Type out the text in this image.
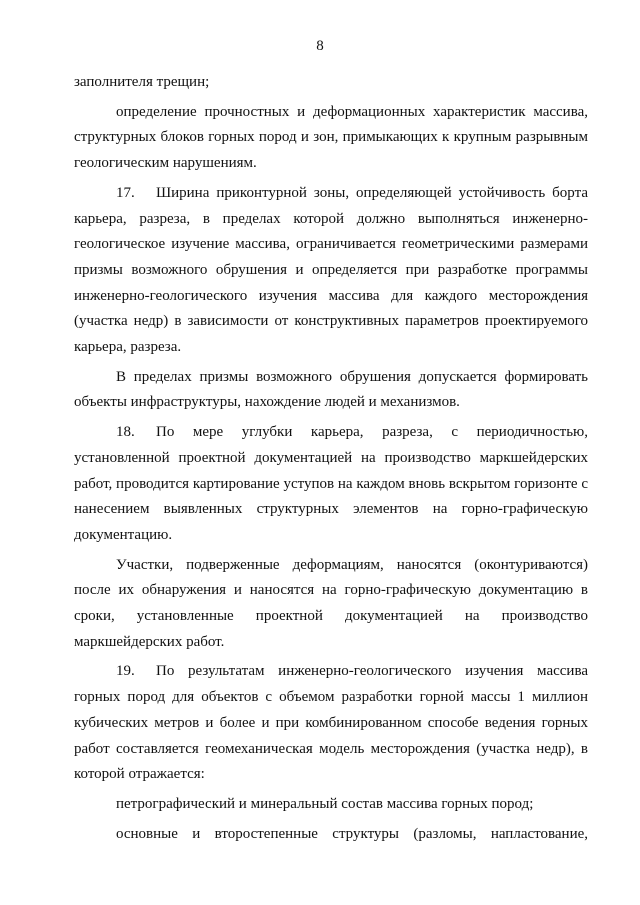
8

заполнителя трещин;

определение прочностных и деформационных характеристик массива, структурных блоков горных пород и зон, примыкающих к крупным разрывным геологическим нарушениям.

17. Ширина приконтурной зоны, определяющей устойчивость борта карьера, разреза, в пределах которой должно выполняться инженерно-геологическое изучение массива, ограничивается геометрическими размерами призмы возможного обрушения и определяется при разработке программы инженерно-геологического изучения массива для каждого месторождения (участка недр) в зависимости от конструктивных параметров проектируемого карьера, разреза.

В пределах призмы возможного обрушения допускается формировать объекты инфраструктуры, нахождение людей и механизмов.

18. По мере углубки карьера, разреза, с периодичностью, установленной проектной документацией на производство маркшейдерских работ, проводится картирование уступов на каждом вновь вскрытом горизонте с нанесением выявленных структурных элементов на горно-графическую документацию.

Участки, подверженные деформациям, наносятся (оконтуриваются) после их обнаружения и наносятся на горно-графическую документацию в сроки, установленные проектной документацией на производство маркшейдерских работ.

19. По результатам инженерно-геологического изучения массива горных пород для объектов с объемом разработки горной массы 1 миллион кубических метров и более и при комбинированном способе ведения горных работ составляется геомеханическая модель месторождения (участка недр), в которой отражается:

петрографический и минеральный состав массива горных пород;

основные и второстепенные структуры (разломы, напластование,
